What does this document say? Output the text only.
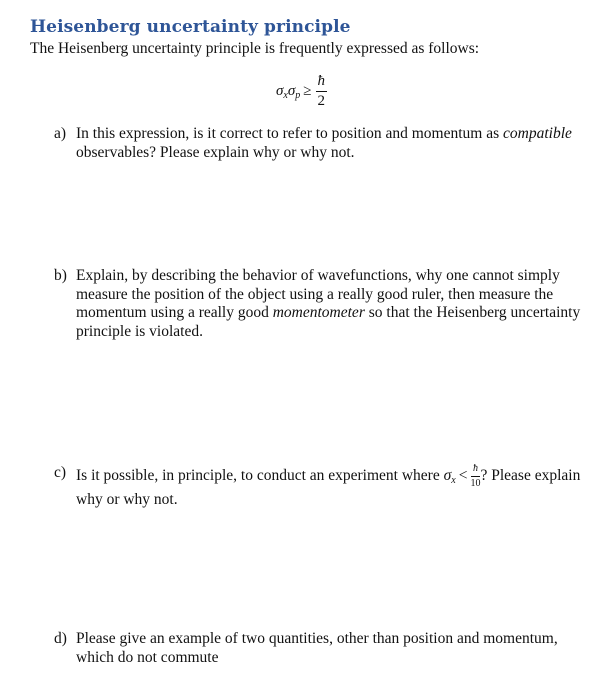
Heisenberg uncertainty principle
The Heisenberg uncertainty principle is frequently expressed as follows:
$\sigma_x$ $\sigma_p \ge \frac{ħ}{2}$
a) In this expression, is it correct to refer to position and momentum as compatible observables? Please explain why or why not.
b) Explain, by describing the behavior of wavefunctions, why one cannot simply measure the position of the object using a really good ruler, then measure the momentum using a really good momentometer so that the Heisenberg uncertainty principle is violated.
c) Is it possible, in principle, to conduct an experiment where $\sigma_x < \frac{ħ}{10}$ ? Please explain why or why not.
d) Please give an example of two quantities, other than position and momentum, which do not commute
